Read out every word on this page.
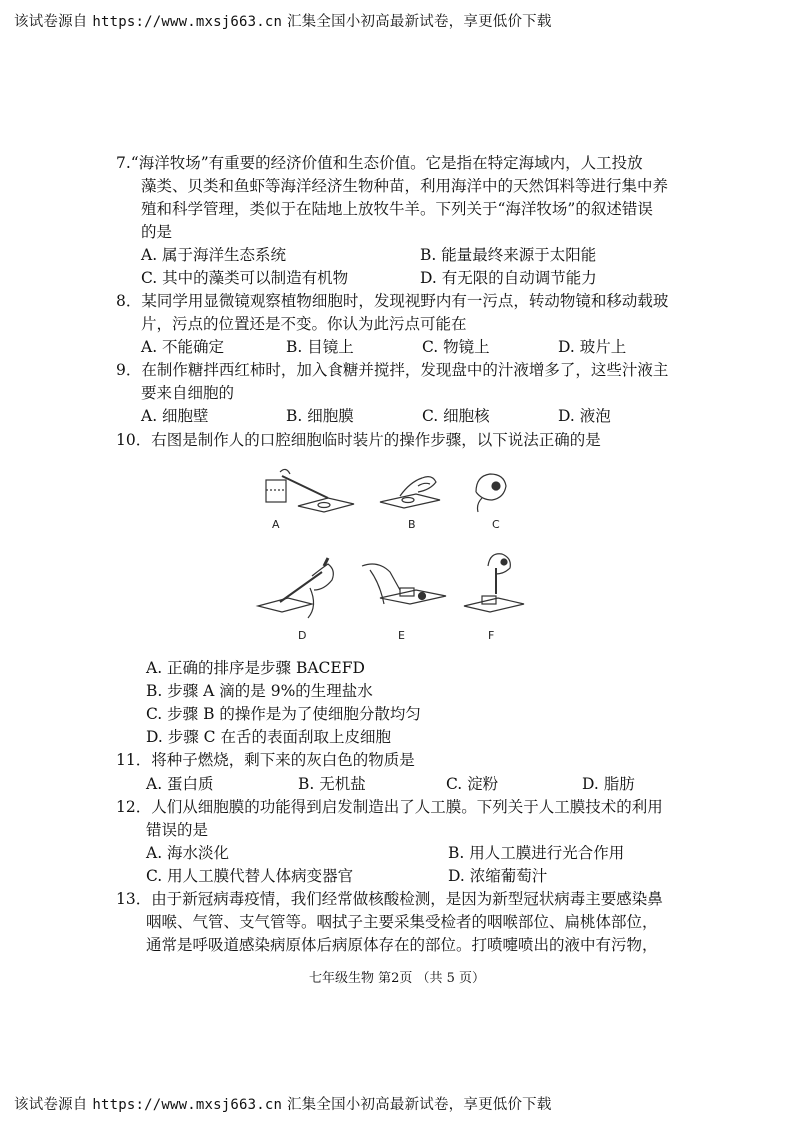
该试卷源自 https://www.mxsj663.cn 汇集全国小初高最新试卷，享更低价下载
7.“海洋牧场”有重要的经济价值和生态价值。它是指在特定海域内，人工投放
藻类、贝类和鱼虾等海洋经济生物种苗，利用海洋中的天然饵料等进行集中养
殖和科学管理，类似于在陆地上放牧牛羊。下列关于“海洋牧场”的叙述错误
的是
A. 属于海洋生态系统	B. 能量最终来源于太阳能
C. 其中的藻类可以制造有机物	D. 有无限的自动调节能力
8．某同学用显微镜观察植物细胞时，发现视野内有一污点，转动物镜和移动载玻
片，污点的位置还是不变。你认为此污点可能在
A. 不能确定	B. 目镜上	C. 物镜上	D. 玻片上
9．在制作糖拌西红柿时，加入食糖并搅拌，发现盘中的汁液增多了，这些汁液主
要来自细胞的
A. 细胞壁	B. 细胞膜	C. 细胞核	D. 液泡
10．右图是制作人的口腔细胞临时装片的操作步骤，以下说法正确的是
A	B	C
D	E	F
A. 正确的排序是步骤 BACEFD
B. 步骤 A 滴的是 9%的生理盐水
C. 步骤 B 的操作是为了使细胞分散均匀
D. 步骤 C 在舌的表面刮取上皮细胞
11．将种子燃烧，剩下来的灰白色的物质是
A. 蛋白质	B. 无机盐	C. 淀粉	D. 脂肪
12．人们从细胞膜的功能得到启发制造出了人工膜。下列关于人工膜技术的利用
错误的是
A. 海水淡化	B. 用人工膜进行光合作用
C. 用人工膜代替人体病变器官	D. 浓缩葡萄汁
13．由于新冠病毒疫情，我们经常做核酸检测，是因为新型冠状病毒主要感染鼻
咽喉、气管、支气管等。咽拭子主要采集受检者的咽喉部位、扁桃体部位，
通常是呼吸道感染病原体后病原体存在的部位。打喷嚏喷出的液中有污物，
七年级生物 第2页 （共 5 页）
该试卷源自 https://www.mxsj663.cn 汇集全国小初高最新试卷，享更低价下载
